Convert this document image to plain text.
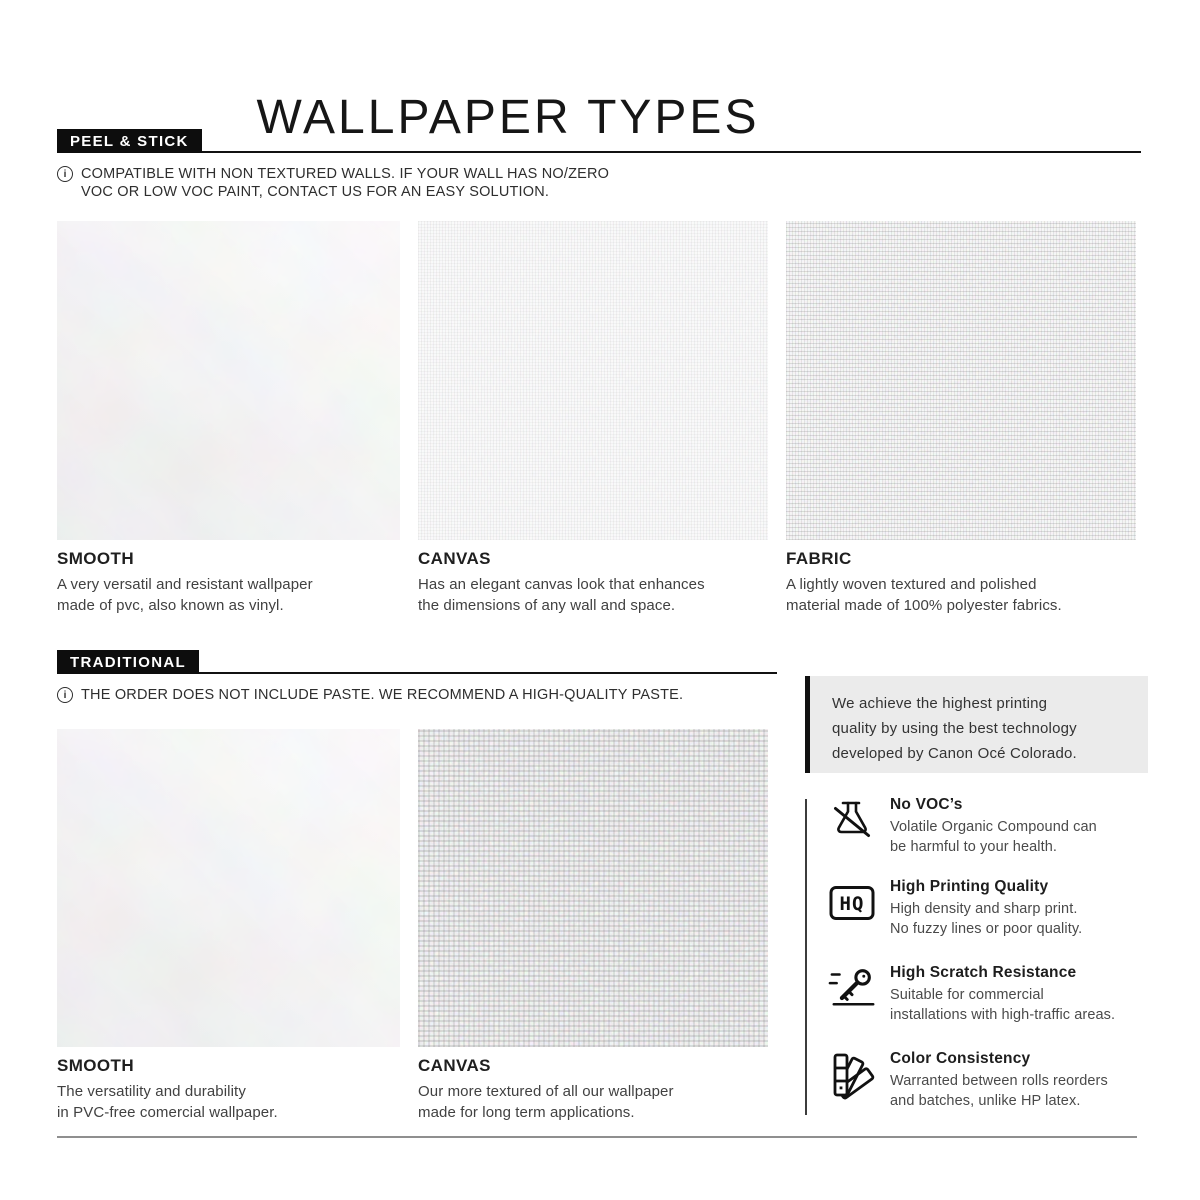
WALLPAPER TYPES
PEEL & STICK
i	COMPATIBLE WITH NON TEXTURED WALLS. IF YOUR WALL HAS NO/ZERO
VOC OR LOW VOC PAINT, CONTACT US FOR AN EASY SOLUTION.
SMOOTH
A very versatil and resistant wallpaper
made of pvc, also known as vinyl.
CANVAS
Has an elegant canvas look that enhances
the dimensions of any wall and space.
FABRIC
A lightly woven textured and polished
material made of 100% polyester fabrics.
TRADITIONAL
i	THE ORDER DOES NOT INCLUDE PASTE. WE RECOMMEND A HIGH-QUALITY PASTE.
SMOOTH
The versatility and durability
in PVC-free comercial wallpaper.
CANVAS
Our more textured of all our wallpaper
made for long term applications.
We achieve the highest printing
quality by using the best technology
developed by Canon Océ Colorado.
No VOC’s
Volatile Organic Compound can
be harmful to your health.
HQ
High Printing Quality
High density and sharp print.
No fuzzy lines or poor quality.
High Scratch Resistance
Suitable for commercial
installations with high-traffic areas.
Color Consistency
Warranted between rolls reorders
and batches, unlike HP latex.
